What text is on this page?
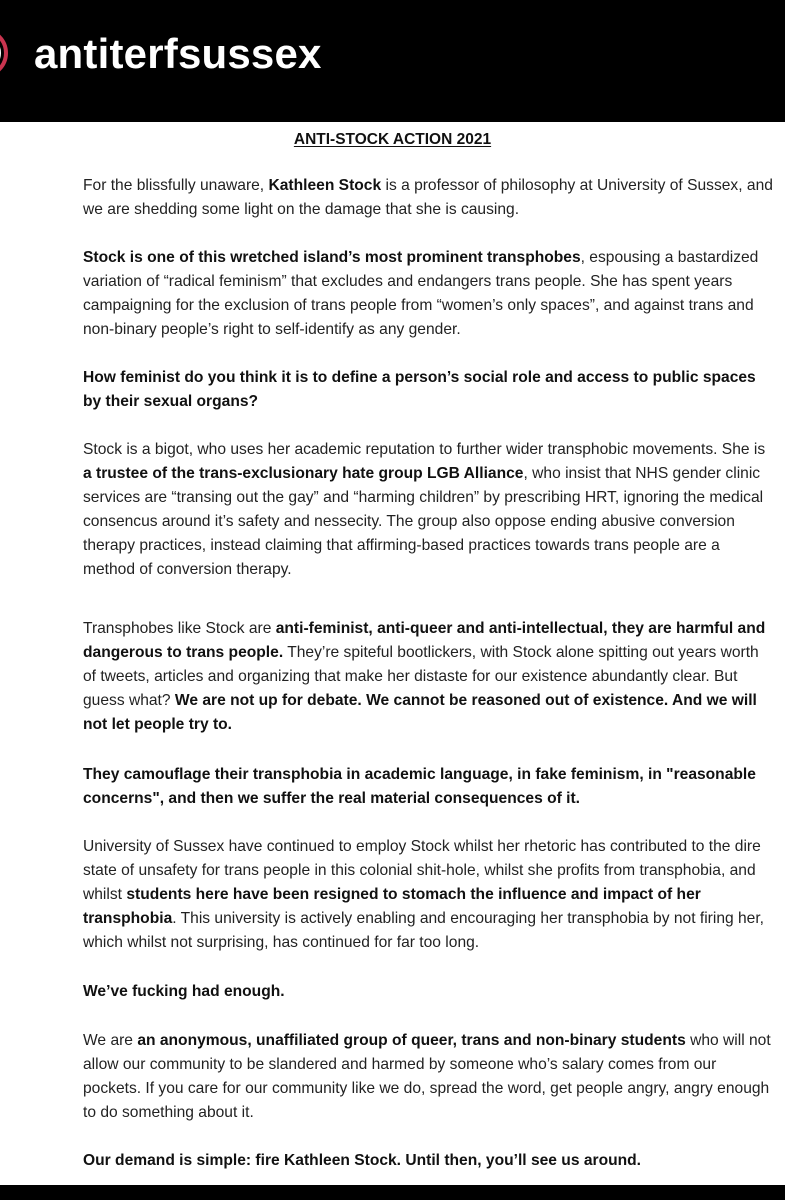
antiterfsussex
ANTI-STOCK ACTION 2021

For the blissfully unaware, Kathleen Stock is a professor of philosophy at University of Sussex, and we are shedding some light on the damage that she is causing.

Stock is one of this wretched island’s most prominent transphobes, espousing a bastardized variation of “radical feminism” that excludes and endangers trans people. She has spent years campaigning for the exclusion of trans people from “women’s only spaces”, and against trans and non-binary people’s right to self-identify as any gender.

How feminist do you think it is to define a person’s social role and access to public spaces by their sexual organs?

Stock is a bigot, who uses her academic reputation to further wider transphobic movements. She is a trustee of the trans-exclusionary hate group LGB Alliance, who insist that NHS gender clinic services are “transing out the gay” and “harming children” by prescribing HRT, ignoring the medical consencus around it’s safety and nessecity. The group also oppose ending abusive conversion therapy practices, instead claiming that affirming-based practices towards trans people are a method of conversion therapy.

Transphobes like Stock are anti-feminist, anti-queer and anti-intellectual, they are harmful and dangerous to trans people. They’re spiteful bootlickers, with Stock alone spitting out years worth of tweets, articles and organizing that make her distaste for our existence abundantly clear. But guess what? We are not up for debate. We cannot be reasoned out of existence. And we will not let people try to.

They camouflage their transphobia in academic language, in fake feminism, in "reasonable concerns", and then we suffer the real material consequences of it.

University of Sussex have continued to employ Stock whilst her rhetoric has contributed to the dire state of unsafety for trans people in this colonial shit-hole, whilst she profits from transphobia, and whilst students here have been resigned to stomach the influence and impact of her transphobia. This university is actively enabling and encouraging her transphobia by not firing her, which whilst not surprising, has continued for far too long.

We’ve fucking had enough.

We are an anonymous, unaffiliated group of queer, trans and non-binary students who will not allow our community to be slandered and harmed by someone who’s salary comes from our pockets. If you care for our community like we do, spread the word, get people angry, angry enough to do something about it.

Our demand is simple: fire Kathleen Stock. Until then, you’ll see us around.
